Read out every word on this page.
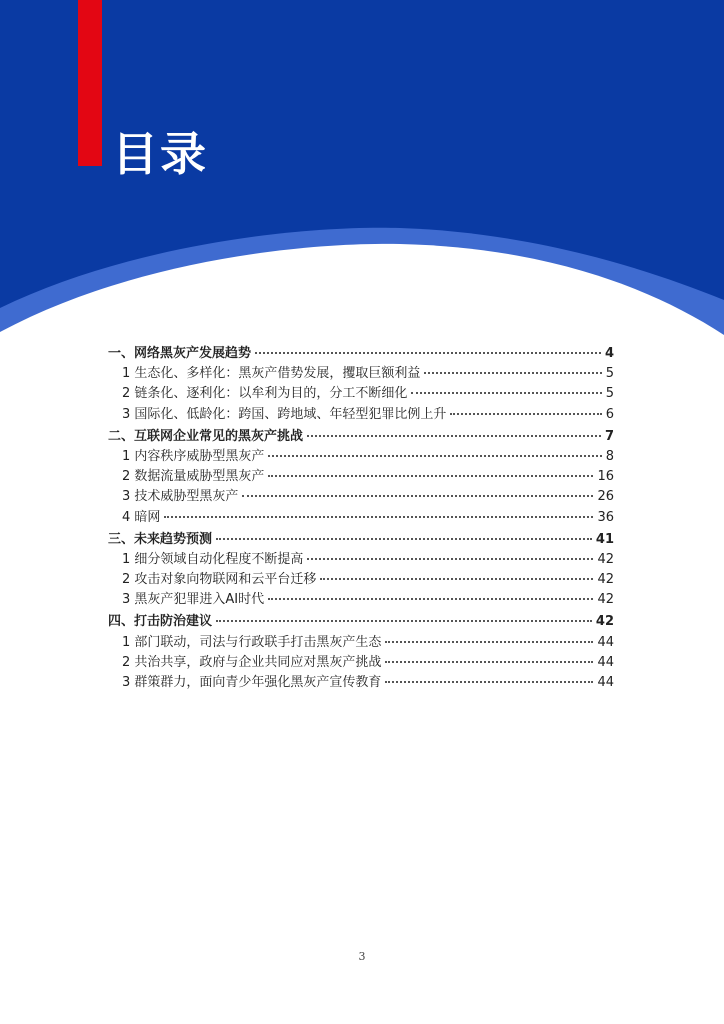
目录
一、网络黑灰产发展趋势	4
1 生态化、多样化：黑灰产借势发展，攫取巨额利益	5
2 链条化、逐利化：以牟利为目的，分工不断细化	5
3 国际化、低龄化：跨国、跨地域、年轻型犯罪比例上升	6
二、互联网企业常见的黑灰产挑战	7
1 内容秩序威胁型黑灰产	8
2 数据流量威胁型黑灰产	16
3 技术威胁型黑灰产	26
4 暗网	36
三、未来趋势预测	41
1 细分领域自动化程度不断提高	42
2 攻击对象向物联网和云平台迁移	42
3 黑灰产犯罪进入AI时代	42
四、打击防治建议	42
1 部门联动，司法与行政联手打击黑灰产生态	44
2 共治共享，政府与企业共同应对黑灰产挑战	44
3 群策群力，面向青少年强化黑灰产宣传教育	44
3
